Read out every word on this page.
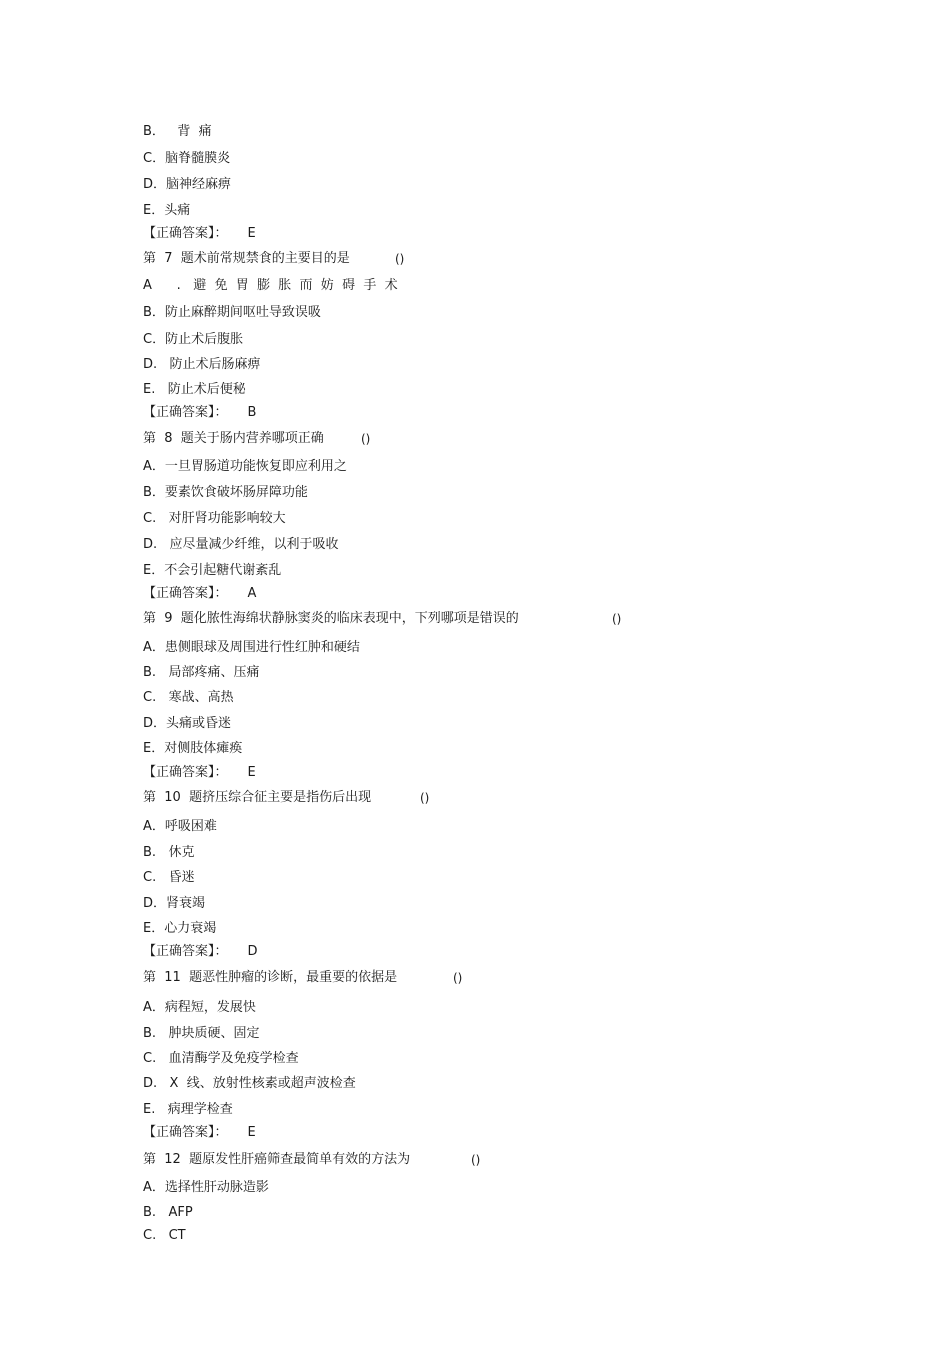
B．   背  痛
C．脑脊髓膜炎
D．脑神经麻痹
E．头痛
【正确答案】： E
第  7  题术前常规禁食的主要目的是	()
A      .   避  免  胃  膨  胀  而  妨  碍  手  术
B．防止麻醉期间呕吐导致误吸
C．防止术后腹胀
D.   防止术后肠麻痹
E.   防止术后便秘
【正确答案】： B
第  8  题关于肠内营养哪项正确	()
A．一旦胃肠道功能恢复即应利用之
B．要素饮食破坏肠屏障功能
C.   对肝肾功能影响较大
D.   应尽量减少纤维，以利于吸收
E．不会引起糖代谢紊乱
【正确答案】： A
第  9  题化脓性海绵状静脉窦炎的临床表现中，下列哪项是错误的	()
A．患侧眼球及周围进行性红肿和硬结
B.   局部疼痛、压痛
C.   寒战、高热
D．头痛或昏迷
E．对侧肢体瘫痪
【正确答案】： E
第  10  题挤压综合征主要是指伤后出现	()
A．呼吸困难
B.   休克
C.   昏迷
D．肾衰竭
E．心力衰竭
【正确答案】： D
第  11  题恶性肿瘤的诊断，最重要的依据是	()
A．病程短，发展快
B.   肿块质硬、固定
C.   血清酶学及免疫学检查
D.   X  线、放射性核素或超声波检查
E.   病理学检查
【正确答案】： E
第  12  题原发性肝癌筛查最简单有效的方法为	()
A．选择性肝动脉造影
B.   AFP
C.   CT
